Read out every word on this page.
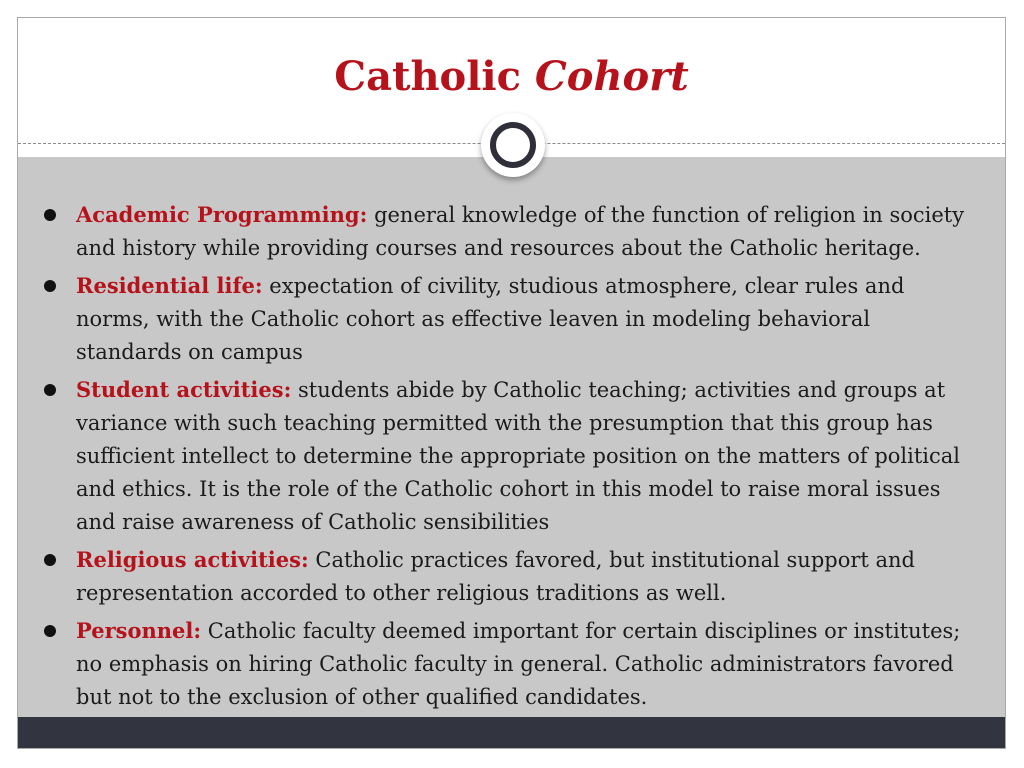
Catholic Cohort
Academic Programming: general knowledge of the function of religion in society and history while providing courses and resources about the Catholic heritage.
Residential life: expectation of civility, studious atmosphere, clear rules and norms, with the Catholic cohort as effective leaven in modeling behavioral standards on campus
Student activities: students abide by Catholic teaching; activities and groups at variance with such teaching permitted with the presumption that this group has sufficient intellect to determine the appropriate position on the matters of political and ethics. It is the role of the Catholic cohort in this model to raise moral issues and raise awareness of Catholic sensibilities
Religious activities: Catholic practices favored, but institutional support and representation accorded to other religious traditions as well.
Personnel: Catholic faculty deemed important for certain disciplines or institutes; no emphasis on hiring Catholic faculty in general. Catholic administrators favored but not to the exclusion of other qualified candidates.
